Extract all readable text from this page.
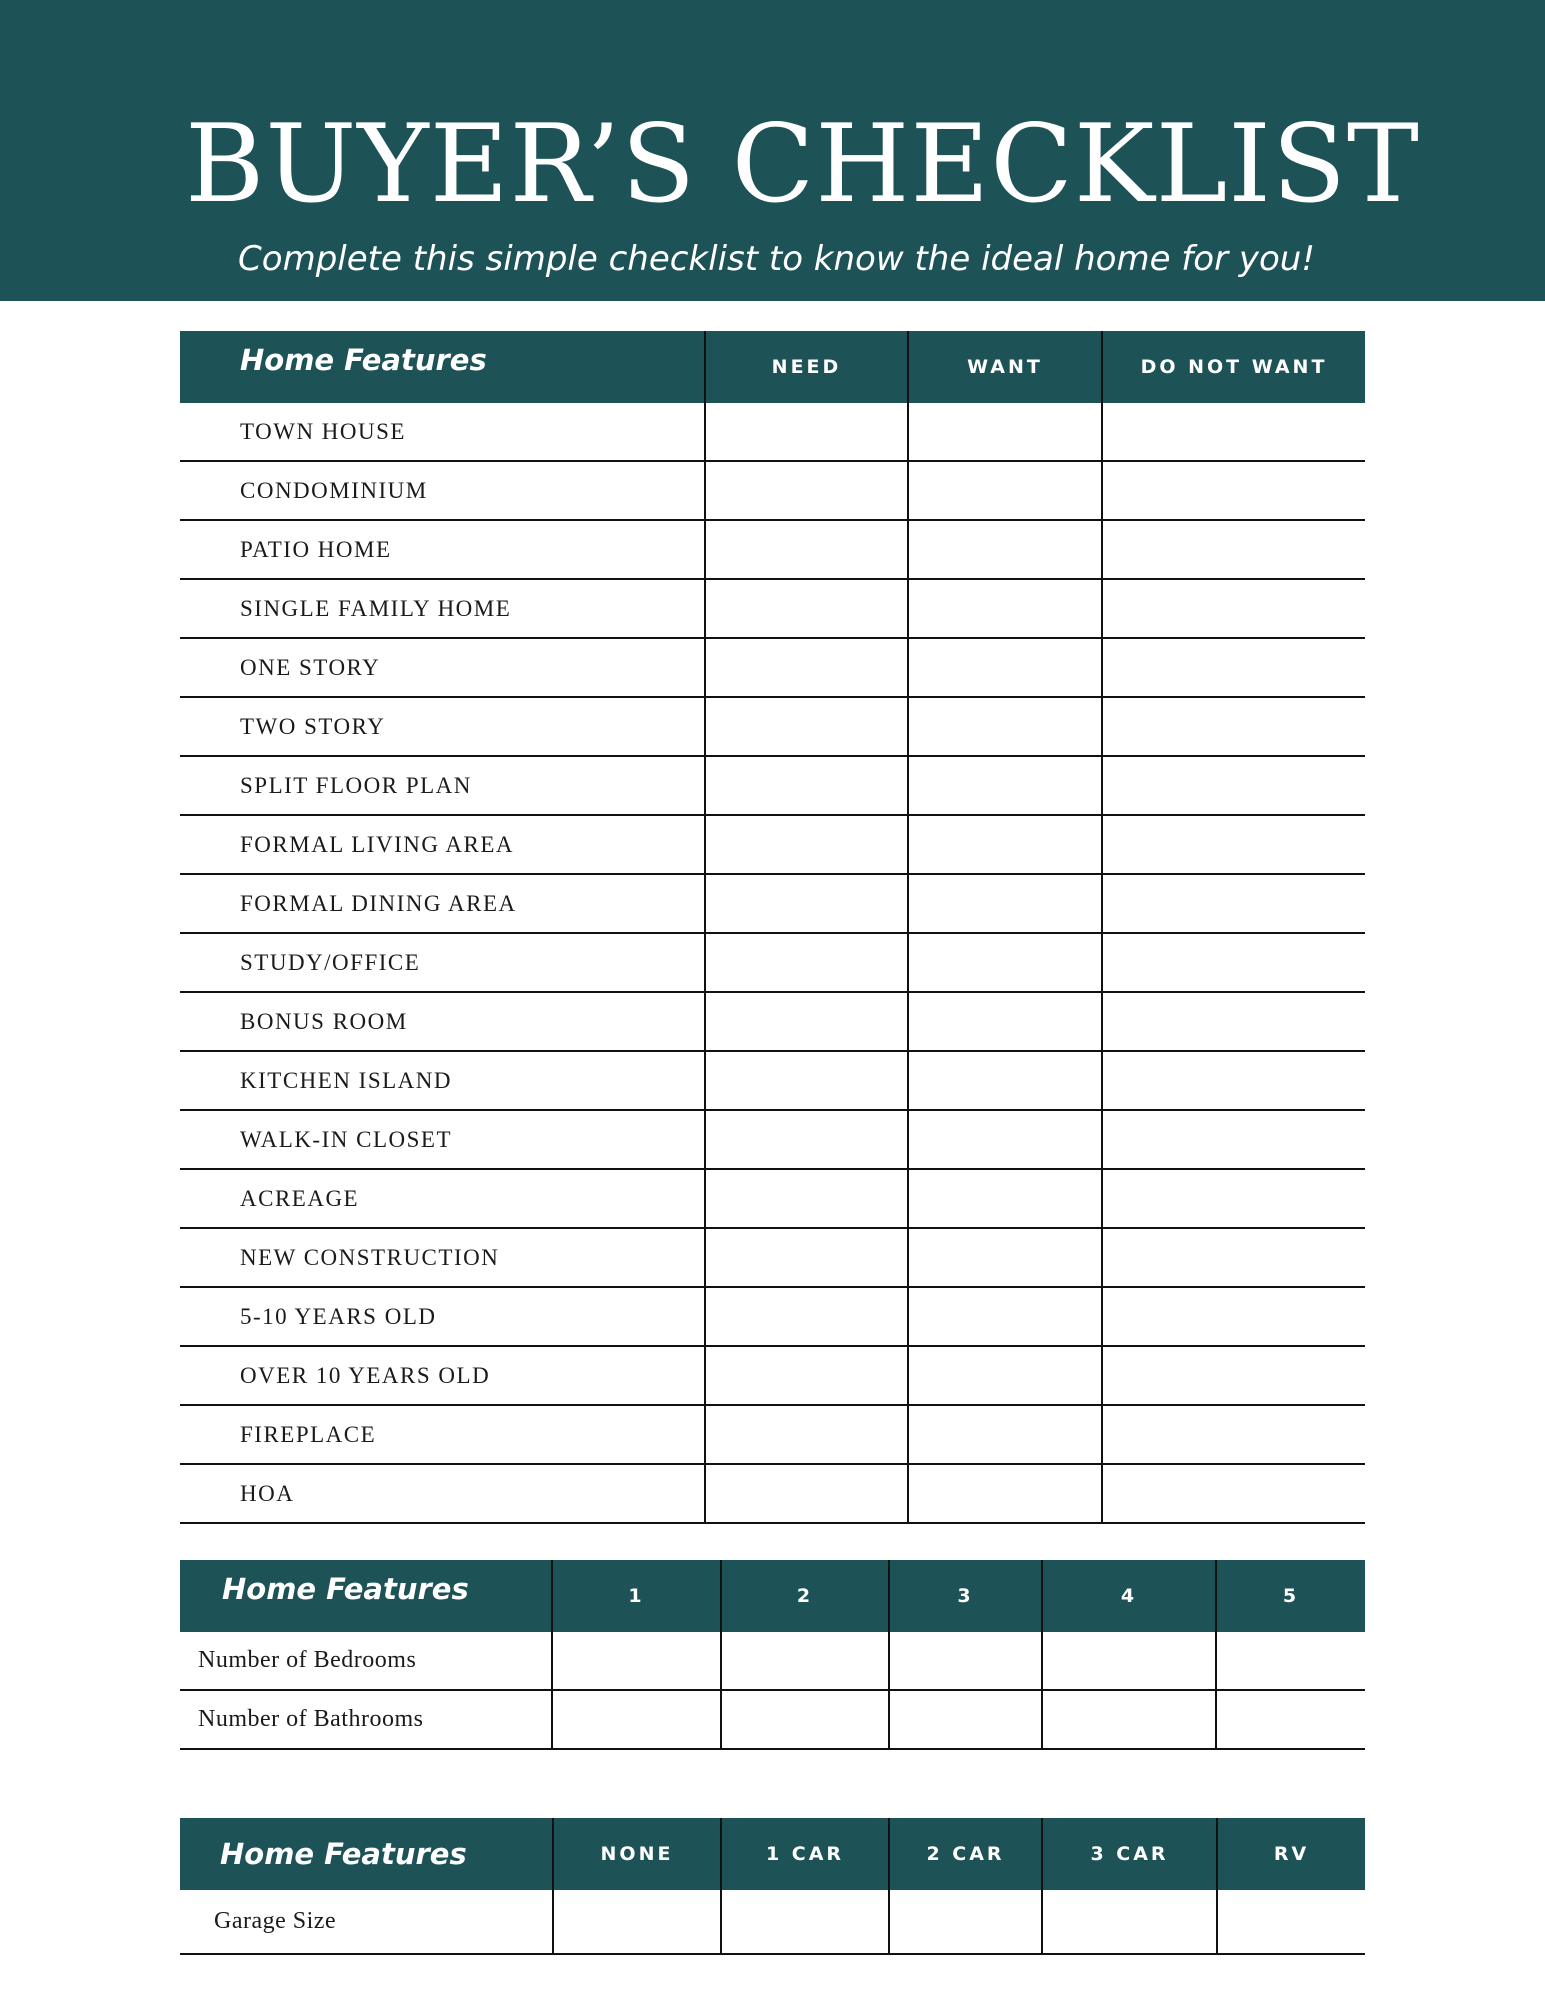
BUYER’S CHECKLIST
Complete this simple checklist to know the ideal home for you!
Home Features	NEED	WANT	DO NOT WANT
TOWN HOUSE			
CONDOMINIUM			
PATIO HOME			
SINGLE FAMILY HOME			
ONE STORY			
TWO STORY			
SPLIT FLOOR PLAN			
FORMAL LIVING AREA			
FORMAL DINING AREA			
STUDY/OFFICE			
BONUS ROOM			
KITCHEN ISLAND			
WALK-IN CLOSET			
ACREAGE			
NEW CONSTRUCTION			
5-10 YEARS OLD			
OVER 10 YEARS OLD			
FIREPLACE			
HOA			
Home Features	1	2	3	4	5
Number of Bedrooms					
Number of Bathrooms					
Home Features	NONE	1 CAR	2 CAR	3 CAR	RV
Garage Size					
